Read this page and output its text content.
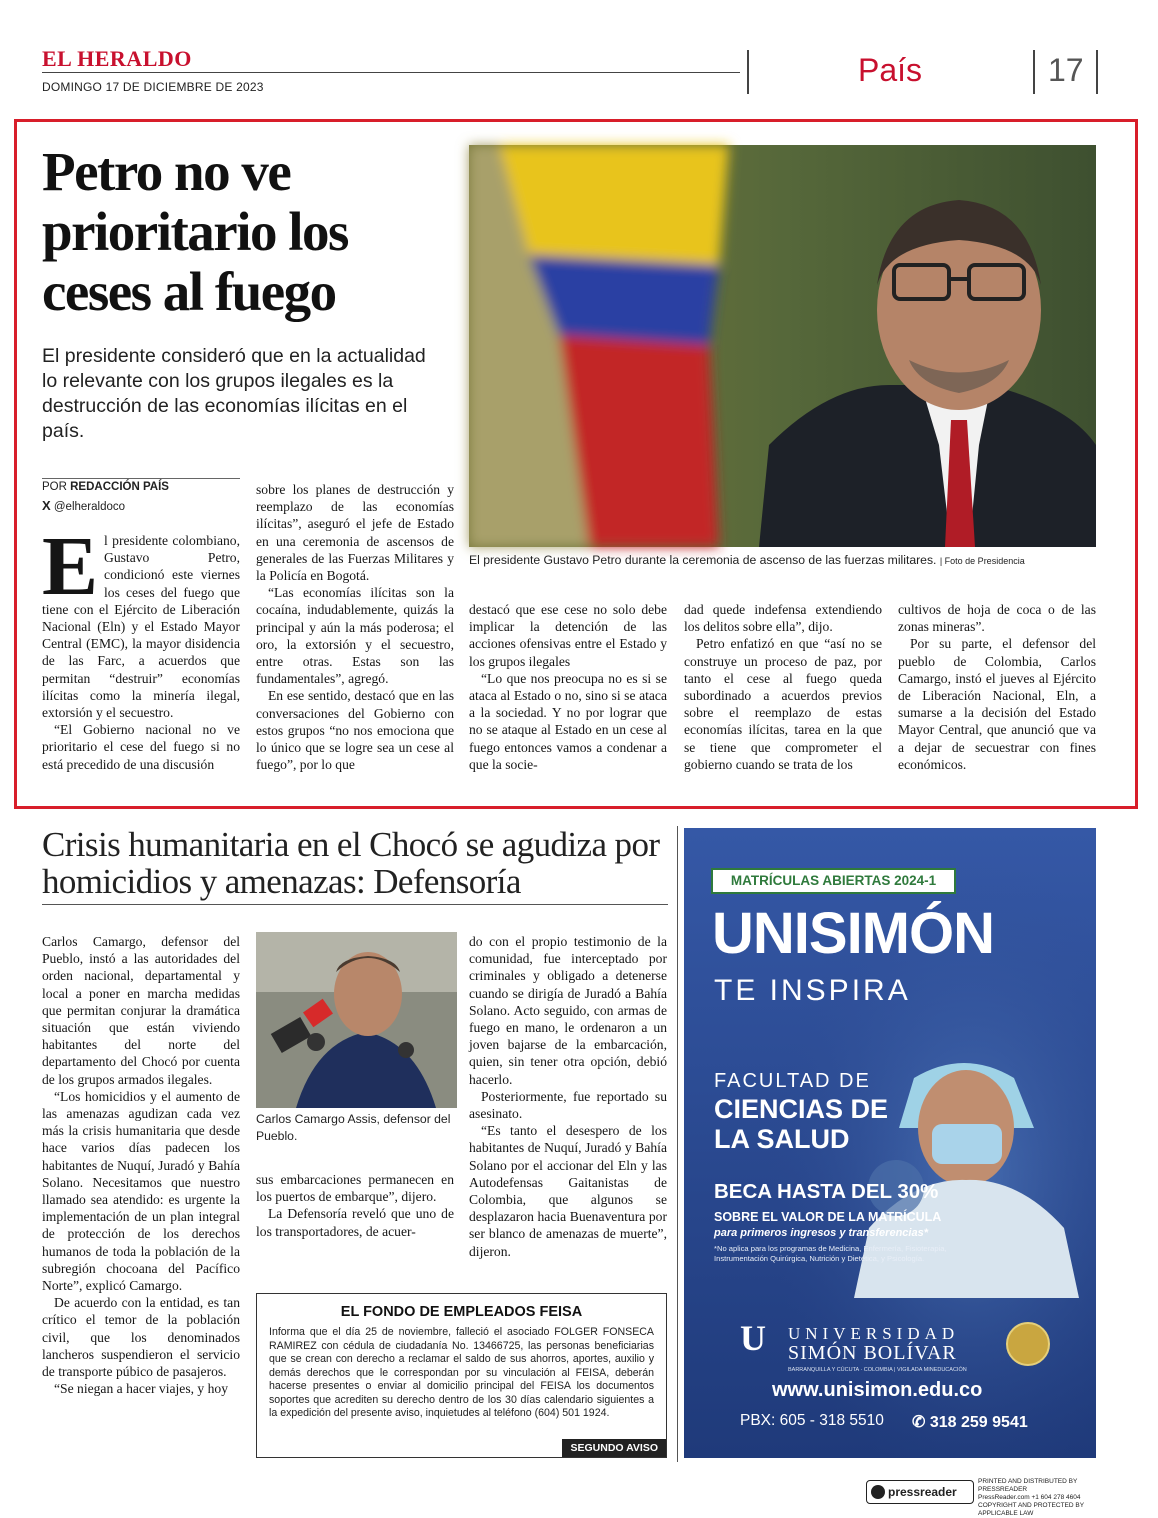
EL HERALDO
DOMINGO 17 DE DICIEMBRE DE 2023	País	17
Petro no ve prioritario los ceses al fuego
El presidente consideró que en la actualidad lo relevante con los grupos ilegales es la destrucción de las economías ilícitas en el país.
POR REDACCIÓN PAÍS
X @elheraldoco

El presidente colombiano, Gustavo Petro, condicionó este viernes los ceses del fuego que tiene con el Ejército de Liberación Nacional (Eln) y el Estado Mayor Central (EMC), la mayor disidencia de las Farc, a acuerdos que permitan “destruir” economías ilícitas como la minería ilegal, extorsión y el secuestro.

“El Gobierno nacional no ve prioritario el cese del fuego si no está precedido de una discusión

sobre los planes de destrucción y reemplazo de las economías ilícitas”, aseguró el jefe de Estado en una ceremonia de ascensos de generales de las Fuerzas Militares y la Policía en Bogotá.

“Las economías ilícitas son la cocaína, indudablemente, quizás la principal y aún la más poderosa; el oro, la extorsión y el secuestro, entre otras. Estas son las fundamentales”, agregó.

En ese sentido, destacó que en las conversaciones del Gobierno con estos grupos “no nos emociona que lo único que se logre sea un cese al fuego”, por lo que

El presidente Gustavo Petro durante la ceremonia de ascenso de las fuerzas militares. | Foto de Presidencia

destacó que ese cese no solo debe implicar la detención de las acciones ofensivas entre el Estado y los grupos ilegales

“Lo que nos preocupa no es si se ataca al Estado o no, sino si se ataca a la sociedad. Y no por lograr que no se ataque al Estado en un cese al fuego entonces vamos a condenar a que la socie-

dad quede indefensa extendiendo los delitos sobre ella”, dijo.

Petro enfatizó en que “así no se construye un proceso de paz, por tanto el cese al fuego queda subordinado a acuerdos previos sobre el reemplazo de estas economías ilícitas, tarea en la que se tiene que comprometer el gobierno cuando se trata de los

cultivos de hoja de coca o de las zonas mineras”.

Por su parte, el defensor del pueblo de Colombia, Carlos Camargo, instó el jueves al Ejército de Liberación Nacional, Eln, a sumarse a la decisión del Estado Mayor Central, que anunció que va a dejar de secuestrar con fines económicos.

Crisis humanitaria en el Chocó se agudiza por homicidios y amenazas: Defensoría

Carlos Camargo, defensor del Pueblo, instó a las autoridades del orden nacional, departamental y local a poner en marcha medidas que permitan conjurar la dramática situación que están viviendo habitantes del norte del departamento del Chocó por cuenta de los grupos armados ilegales.

“Los homicidios y el aumento de las amenazas agudizan cada vez más la crisis humanitaria que desde hace varios días padecen los habitantes de Nuquí, Juradó y Bahía Solano. Necesitamos que nuestro llamado sea atendido: es urgente la implementación de un plan integral de protección de los derechos humanos de toda la población de la subregión chocoana del Pacífico Norte”, explicó Camargo.

De acuerdo con la entidad, es tan crítico el temor de la población civil, que los denominados lancheros suspendieron el servicio de transporte púbico de pasajeros.

“Se niegan a hacer viajes, y hoy

Carlos Camargo Assis, defensor del Pueblo.

sus embarcaciones permanecen en los puertos de embarque”, dijero.

La Defensoría reveló que uno de los transportadores, de acuer-

do con el propio testimonio de la comunidad, fue interceptado por criminales y obligado a detenerse cuando se dirigía de Juradó a Bahía Solano. Acto seguido, con armas de fuego en mano, le ordenaron a un joven bajarse de la embarcación, quien, sin tener otra opción, debió hacerlo.

Posteriormente, fue reportado su asesinato.

“Es tanto el desespero de los habitantes de Nuquí, Juradó y Bahía Solano por el accionar del Eln y las Autodefensas Gaitanistas de Colombia, que algunos se desplazaron hacia Buenaventura por ser blanco de amenazas de muerte”, dijeron.

EL FONDO DE EMPLEADOS FEISA
Informa que el día 25 de noviembre, falleció el asociado FOLGER FONSECA RAMIREZ con cédula de ciudadanía No. 13466725, las personas beneficiarias que se crean con derecho a reclamar el saldo de sus ahorros, aportes, auxilio y demás derechos que le correspondan por su vinculación al FEISA, deberán hacerse presentes o enviar al domicilio principal del FEISA los documentos soportes que acrediten su derecho dentro de los 30 días calendario siguientes a la expedición del presente aviso, inquietudes al teléfono (604) 501 1924.
SEGUNDO AVISO
MATRÍCULAS ABIERTAS 2024-1
UNISIMÓN
TE INSPIRA
FACULTAD DE
CIENCIAS DE
LA SALUD
BECA HASTA DEL 30%
SOBRE EL VALOR DE LA MATRÍCULA
para primeros ingresos y transferencias*
*No aplica para los programas de Medicina, Enfermería, Fisioterapia, Instrumentación Quirúrgica, Nutrición y Dietética, y Psicología.
U	UNIVERSIDAD
SIMÓN BOLÍVAR
BARRANQUILLA Y CÚCUTA · COLOMBIA | VIGILADA MINEDUCACIÓN
www.unisimon.edu.co
PBX: 605 - 318 5510 ✆ 318 259 9541
pressreader
PRINTED AND DISTRIBUTED BY PRESSREADER
PressReader.com +1 604 278 4604
COPYRIGHT AND PROTECTED BY APPLICABLE LAW
